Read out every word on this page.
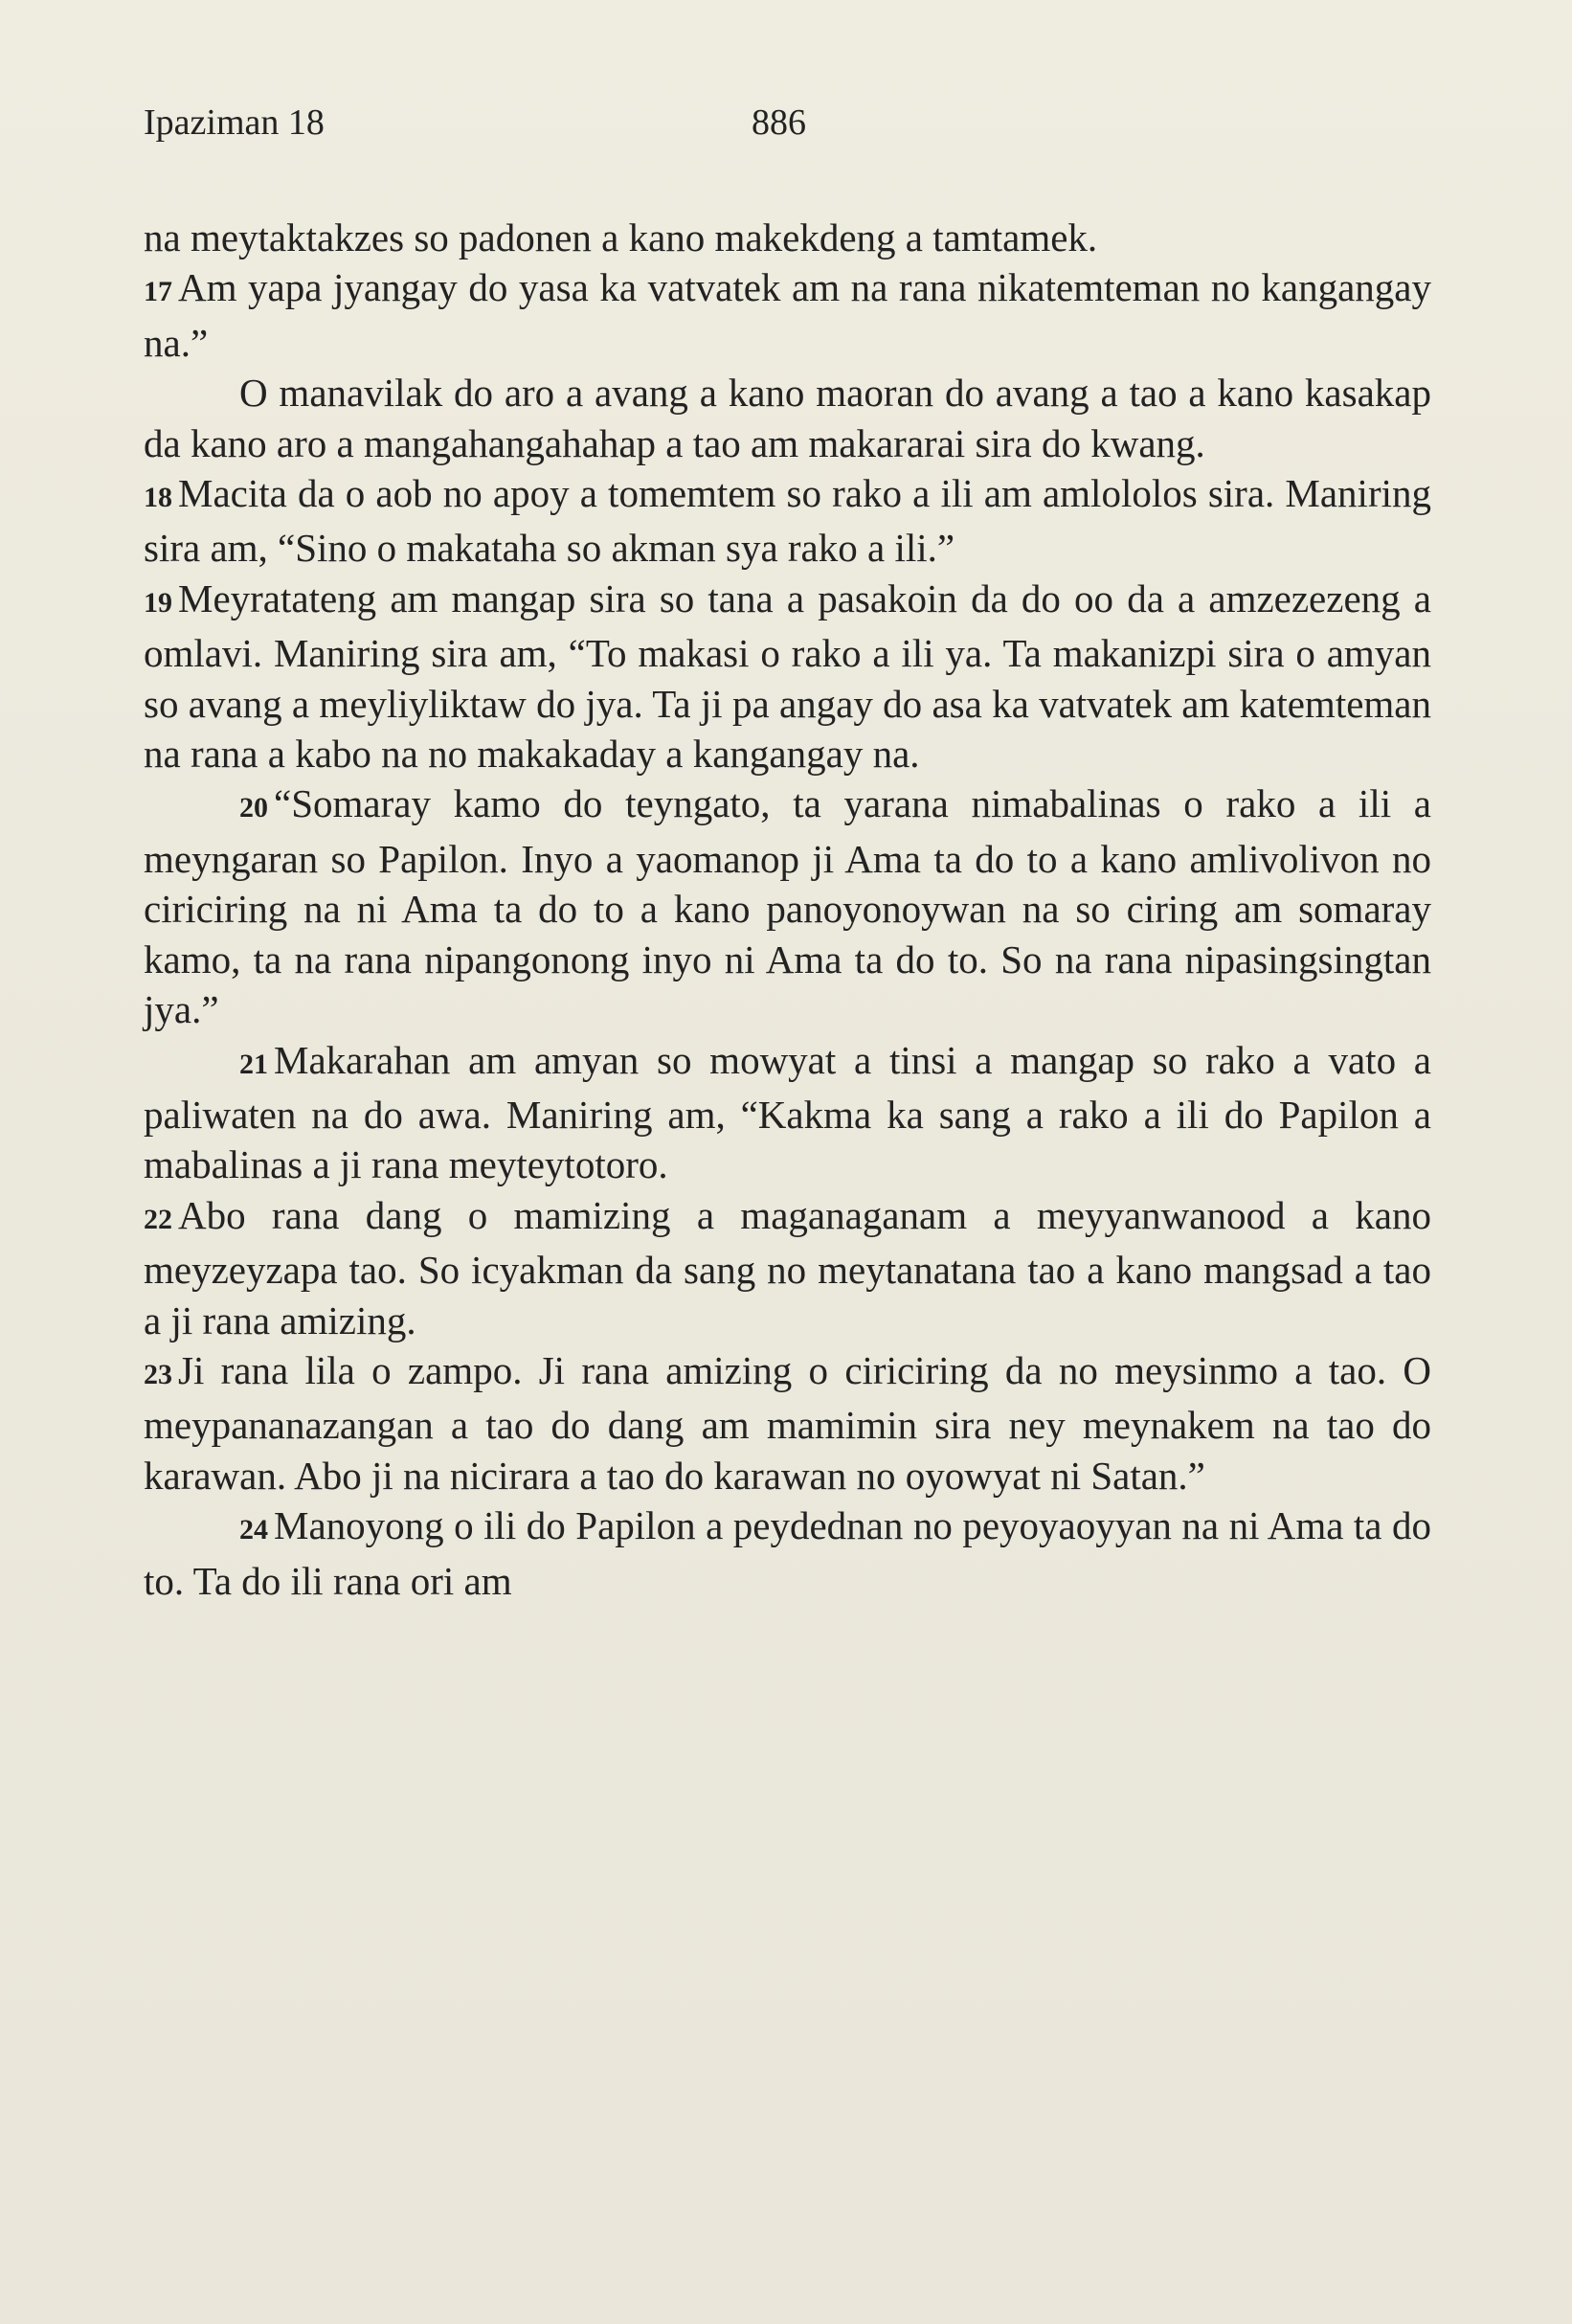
Ipaziman 18	886

na meytaktakzes so padonen a kano makekdeng a tamtamek.

17 Am yapa jyangay do yasa ka vatvatek am na rana nikatemteman no kangangay na.”

O manavilak do aro a avang a kano maoran do avang a tao a kano kasakap da kano aro a mangahangahahap a tao am makararai sira do kwang.

18 Macita da o aob no apoy a tomemtem so rako a ili am amlololos sira. Maniring sira am, “Sino o makataha so akman sya rako a ili.”

19 Meyratateng am mangap sira so tana a pasakoin da do oo da a amzezezeng a omlavi. Maniring sira am, “To makasi o rako a ili ya. Ta makanizpi sira o amyan so avang a meyliyliktaw do jya. Ta ji pa angay do asa ka vatvatek am katemteman na rana a kabo na no makakaday a kangangay na.

20 “Somaray kamo do teyngato, ta yarana nimabalinas o rako a ili a meyngaran so Papilon. Inyo a yaomanop ji Ama ta do to a kano amlivolivon no ciriciring na ni Ama ta do to a kano panoyonoywan na so ciring am somaray kamo, ta na rana nipangonong inyo ni Ama ta do to. So na rana nipasingsingtan jya.”

21 Makarahan am amyan so mowyat a tinsi a mangap so rako a vato a paliwaten na do awa. Maniring am, “Kakma ka sang a rako a ili do Papilon a mabalinas a ji rana meyteytotoro.

22 Abo rana dang o mamizing a maganaganam a meyyanwanood a kano meyzeyzapa tao. So icyakman da sang no meytanatana tao a kano mangsad a tao a ji rana amizing.

23 Ji rana lila o zampo. Ji rana amizing o ciriciring da no meysinmo a tao. O meypananazangan a tao do dang am mamimin sira ney meynakem na tao do karawan. Abo ji na nicirara a tao do karawan no oyowyat ni Satan.”

24 Manoyong o ili do Papilon a peydednan no peyoyaoyyan na ni Ama ta do to. Ta do ili rana ori am
